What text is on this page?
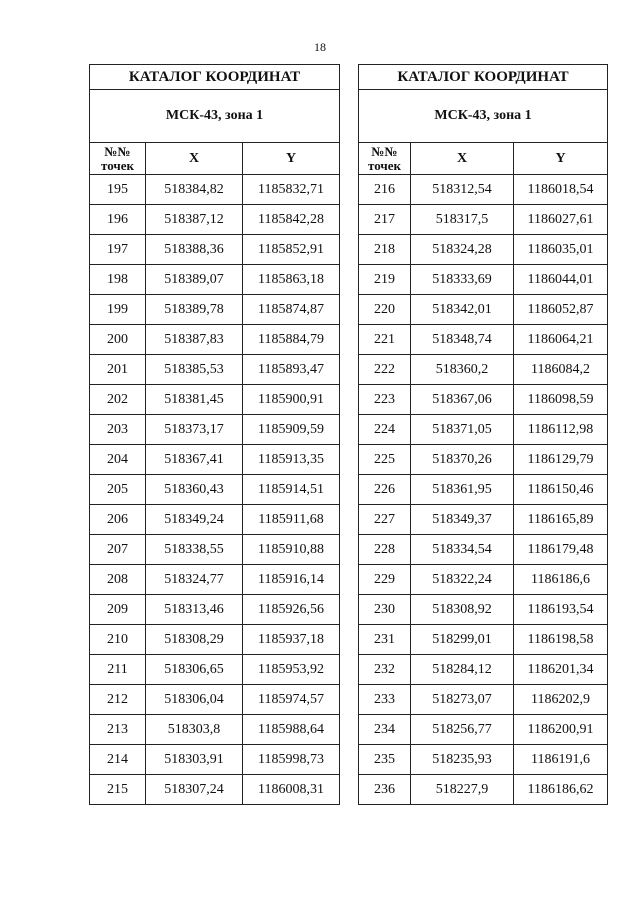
18
КАТАЛОГ КООРДИНАТ		
МСК-43, зона 1		

№№
точек	X	Y
195	518384,82	1185832,71
196	518387,12	1185842,28
197	518388,36	1185852,91
198	518389,07	1185863,18
199	518389,78	1185874,87
200	518387,83	1185884,79
201	518385,53	1185893,47
202	518381,45	1185900,91
203	518373,17	1185909,59
204	518367,41	1185913,35
205	518360,43	1185914,51
206	518349,24	1185911,68
207	518338,55	1185910,88
208	518324,77	1185916,14
209	518313,46	1185926,56
210	518308,29	1185937,18
211	518306,65	1185953,92
212	518306,04	1185974,57
213	518303,8	1185988,64
214	518303,91	1185998,73
215	518307,24	1186008,31
КАТАЛОГ КООРДИНАТ		
МСК-43, зона 1		

№№
точек	X	Y
216	518312,54	1186018,54
217	518317,5	1186027,61
218	518324,28	1186035,01
219	518333,69	1186044,01
220	518342,01	1186052,87
221	518348,74	1186064,21
222	518360,2	1186084,2
223	518367,06	1186098,59
224	518371,05	1186112,98
225	518370,26	1186129,79
226	518361,95	1186150,46
227	518349,37	1186165,89
228	518334,54	1186179,48
229	518322,24	1186186,6
230	518308,92	1186193,54
231	518299,01	1186198,58
232	518284,12	1186201,34
233	518273,07	1186202,9
234	518256,77	1186200,91
235	518235,93	1186191,6
236	518227,9	1186186,62
